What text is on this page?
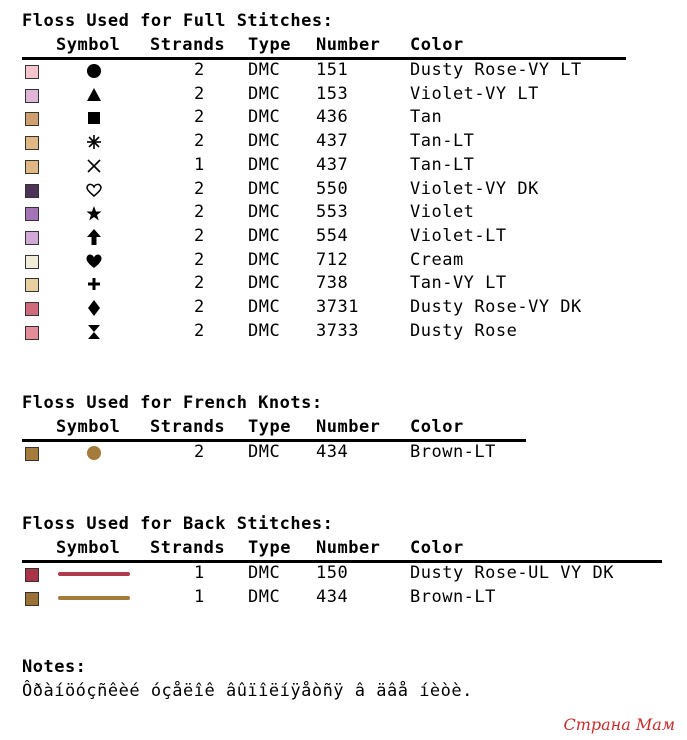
Floss Used for Full Stitches:
Symbol Strands Type Number Color
2	DMC 151	Dusty Rose-VY LT
2	DMC 153	Violet-VY LT
2	DMC 436	Tan
2	DMC 437	Tan-LT
1	DMC 437	Tan-LT
2	DMC 550	Violet-VY DK
2	DMC 553	Violet
2	DMC 554	Violet-LT
2	DMC 712	Cream
2	DMC 738	Tan-VY LT
2	DMC 3731	Dusty Rose-VY DK
2	DMC 3733	Dusty Rose
Floss Used for French Knots:
Symbol Strands Type Number Color
2	DMC 434	Brown-LT
Floss Used for Back Stitches:
Symbol Strands Type Number Color
1	DMC 150	Dusty Rose-UL VY DK
1	DMC 434	Brown-LT
Notes:
Ôðàíöóçñêèé óçåëîê âûïîëíÿåòñÿ â äâå íèòè.
Страна Мам
